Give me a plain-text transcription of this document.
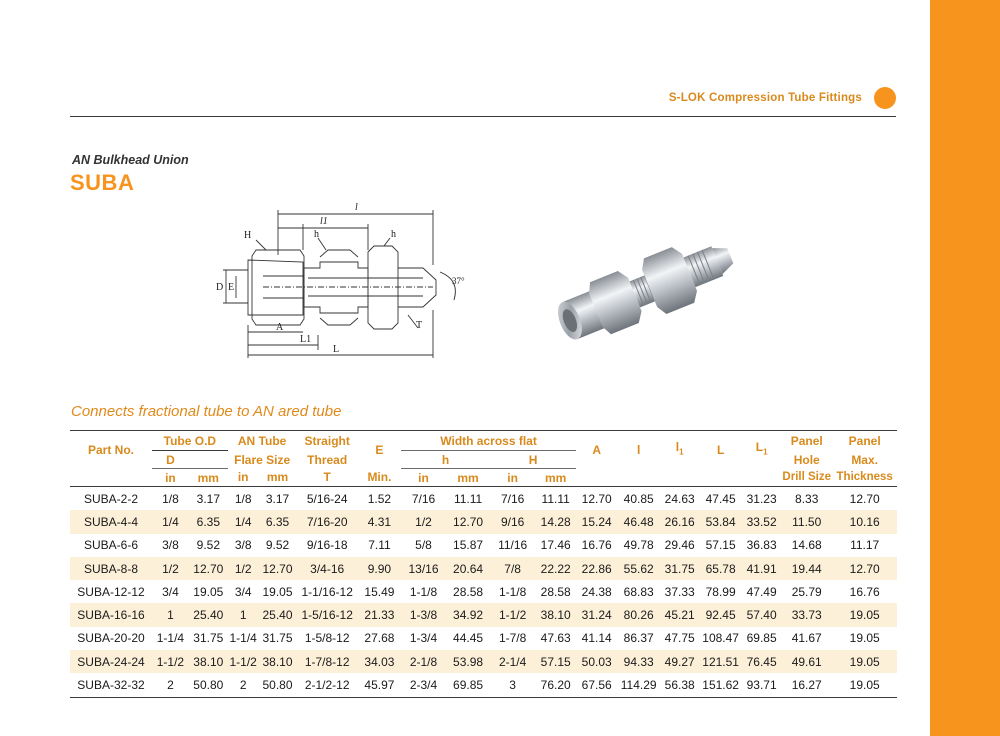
S-LOK Compression Tube Fittings
AN Bulkhead Union
SUBA
l
l1
H	h	h
D E
A
L1
L
T
37°
Connects fractional tube to AN ared tube
Part No.	Tube O.D		AN Tube		Straight	E	Width across flat				A	l	$l_1$	L	$L_1$	Panel	Panel
	D		Flare Size		Thread		h		H							Hole	Max.
	in	mm	in	mm	T	Min.	in	mm	in	mm						Drill Size	Thickness
SUBA-2-2	1/8	3.17	1/8	3.17	5/16-24	1.52	7/16	11.11	7/16	11.11	12.70	40.85	24.63	47.45	31.23	8.33	12.70
SUBA-4-4	1/4	6.35	1/4	6.35	7/16-20	4.31	1/2	12.70	9/16	14.28	15.24	46.48	26.16	53.84	33.52	11.50	10.16
SUBA-6-6	3/8	9.52	3/8	9.52	9/16-18	7.11	5/8	15.87	11/16	17.46	16.76	49.78	29.46	57.15	36.83	14.68	11.17
SUBA-8-8	1/2	12.70	1/2	12.70	3/4-16	9.90	13/16	20.64	7/8	22.22	22.86	55.62	31.75	65.78	41.91	19.44	12.70
SUBA-12-12	3/4	19.05	3/4	19.05	1-1/16-12	15.49	1-1/8	28.58	1-1/8	28.58	24.38	68.83	37.33	78.99	47.49	25.79	16.76
SUBA-16-16	1	25.40	1	25.40	1-5/16-12	21.33	1-3/8	34.92	1-1/2	38.10	31.24	80.26	45.21	92.45	57.40	33.73	19.05
SUBA-20-20	1-1/4	31.75	1-1/4	31.75	1-5/8-12	27.68	1-3/4	44.45	1-7/8	47.63	41.14	86.37	47.75	108.47	69.85	41.67	19.05
SUBA-24-24	1-1/2	38.10	1-1/2	38.10	1-7/8-12	34.03	2-1/8	53.98	2-1/4	57.15	50.03	94.33	49.27	121.51	76.45	49.61	19.05
SUBA-32-32	2	50.80	2	50.80	2-1/2-12	45.97	2-3/4	69.85	3	76.20	67.56	114.29	56.38	151.62	93.71	16.27	19.05
